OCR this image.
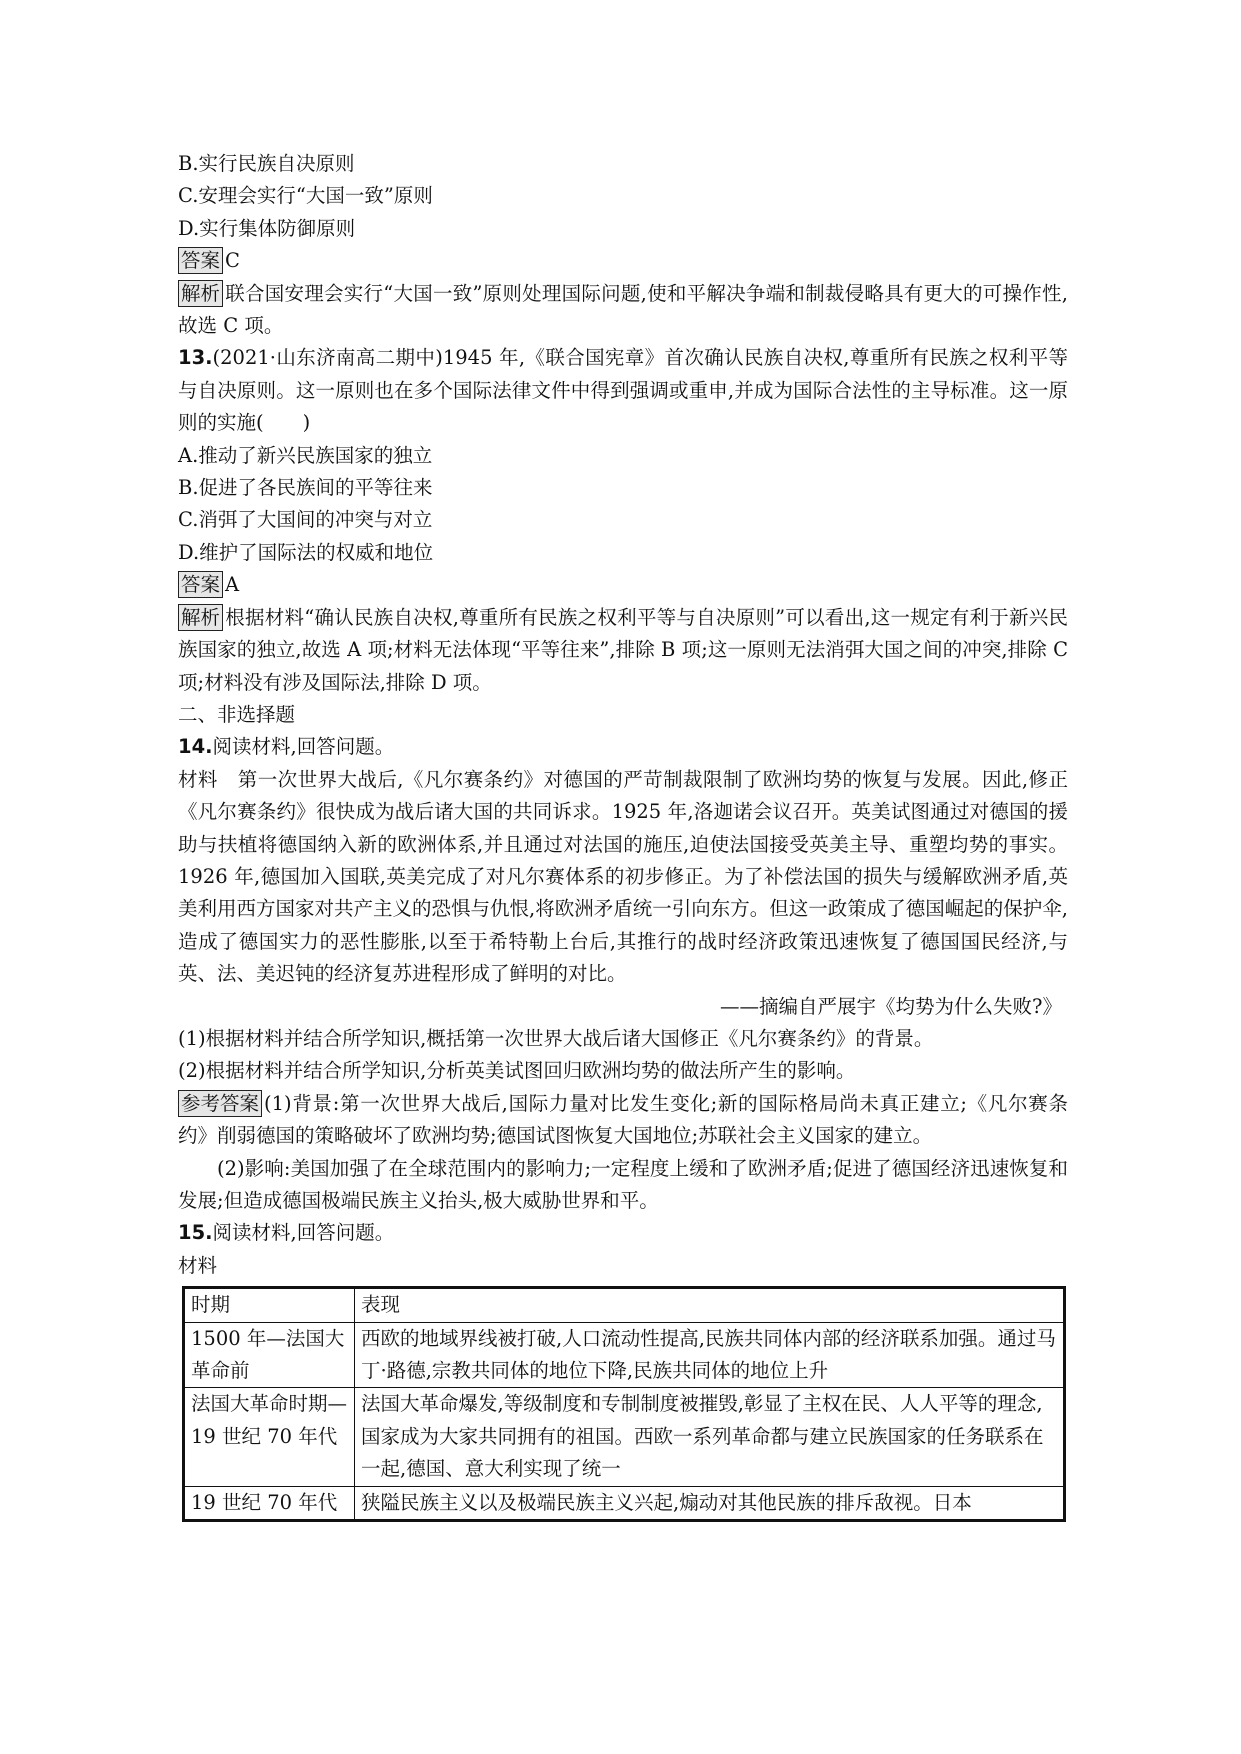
B.实行民族自决原则
C.安理会实行“大国一致”原则
D.实行集体防御原则
答案 C
解析 联合国安理会实行“大国一致”原则处理国际问题,使和平解决争端和制裁侵略具有更大的可操作性,故选 C 项。
13.(2021·山东济南高二期中)1945 年,《联合国宪章》首次确认民族自决权,尊重所有民族之权利平等与自决原则。这一原则也在多个国际法律文件中得到强调或重申,并成为国际合法性的主导标准。这一原则的实施(　　)
A.推动了新兴民族国家的独立
B.促进了各民族间的平等往来
C.消弭了大国间的冲突与对立
D.维护了国际法的权威和地位
答案 A
解析 根据材料“确认民族自决权,尊重所有民族之权利平等与自决原则”可以看出,这一规定有利于新兴民族国家的独立,故选 A 项;材料无法体现“平等往来”,排除 B 项;这一原则无法消弭大国之间的冲突,排除 C 项;材料没有涉及国际法,排除 D 项。
二、非选择题
14.阅读材料,回答问题。
材料　第一次世界大战后,《凡尔赛条约》对德国的严苛制裁限制了欧洲均势的恢复与发展。因此,修正《凡尔赛条约》很快成为战后诸大国的共同诉求。1925 年,洛迦诺会议召开。英美试图通过对德国的援助与扶植将德国纳入新的欧洲体系,并且通过对法国的施压,迫使法国接受英美主导、重塑均势的事实。1926 年,德国加入国联,英美完成了对凡尔赛体系的初步修正。为了补偿法国的损失与缓解欧洲矛盾,英美利用西方国家对共产主义的恐惧与仇恨,将欧洲矛盾统一引向东方。但这一政策成了德国崛起的保护伞,造成了德国实力的恶性膨胀,以至于希特勒上台后,其推行的战时经济政策迅速恢复了德国国民经济,与英、法、美迟钝的经济复苏进程形成了鲜明的对比。
——摘编自严展宇《均势为什么失败?》
(1)根据材料并结合所学知识,概括第一次世界大战后诸大国修正《凡尔赛条约》的背景。
(2)根据材料并结合所学知识,分析英美试图回归欧洲均势的做法所产生的影响。
参考答案 (1)背景:第一次世界大战后,国际力量对比发生变化;新的国际格局尚未真正建立;《凡尔赛条约》削弱德国的策略破坏了欧洲均势;德国试图恢复大国地位;苏联社会主义国家的建立。
(2)影响:美国加强了在全球范围内的影响力;一定程度上缓和了欧洲矛盾;促进了德国经济迅速恢复和发展;但造成德国极端民族主义抬头,极大威胁世界和平。
15.阅读材料,回答问题。
材料
时期	表现
1500 年—法国大革命前	西欧的地域界线被打破,人口流动性提高,民族共同体内部的经济联系加强。通过马丁·路德,宗教共同体的地位下降,民族共同体的地位上升
法国大革命时期—19 世纪 70 年代	法国大革命爆发,等级制度和专制制度被摧毁,彰显了主权在民、人人平等的理念,国家成为大家共同拥有的祖国。西欧一系列革命都与建立民族国家的任务联系在一起,德国、意大利实现了统一
19 世纪 70 年代	狭隘民族主义以及极端民族主义兴起,煽动对其他民族的排斥敌视。日本
